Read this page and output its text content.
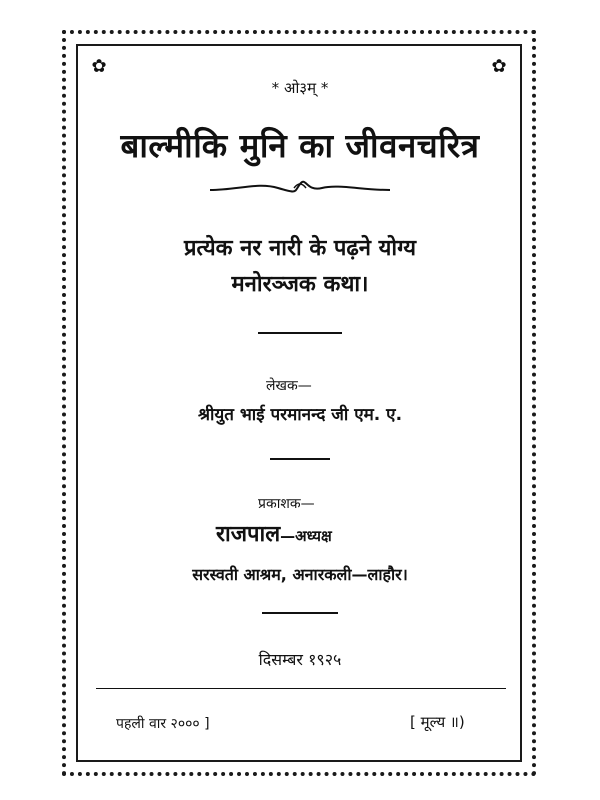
✿	✿
* ओ३म् *
बाल्मीकि मुनि का जीवनचरित्र
प्रत्येक नर नारी के पढ़ने योग्य
मनोरञ्जक कथा।
लेखक—
श्रीयुत भाई परमानन्द जी एम. ए.
प्रकाशक—
राजपाल—अध्यक्ष
सरस्वती आश्रम, अनारकली—लाहौर।
दिसम्बर १९२५
पहली वार २००० ]	[ मूल्य ॥)
